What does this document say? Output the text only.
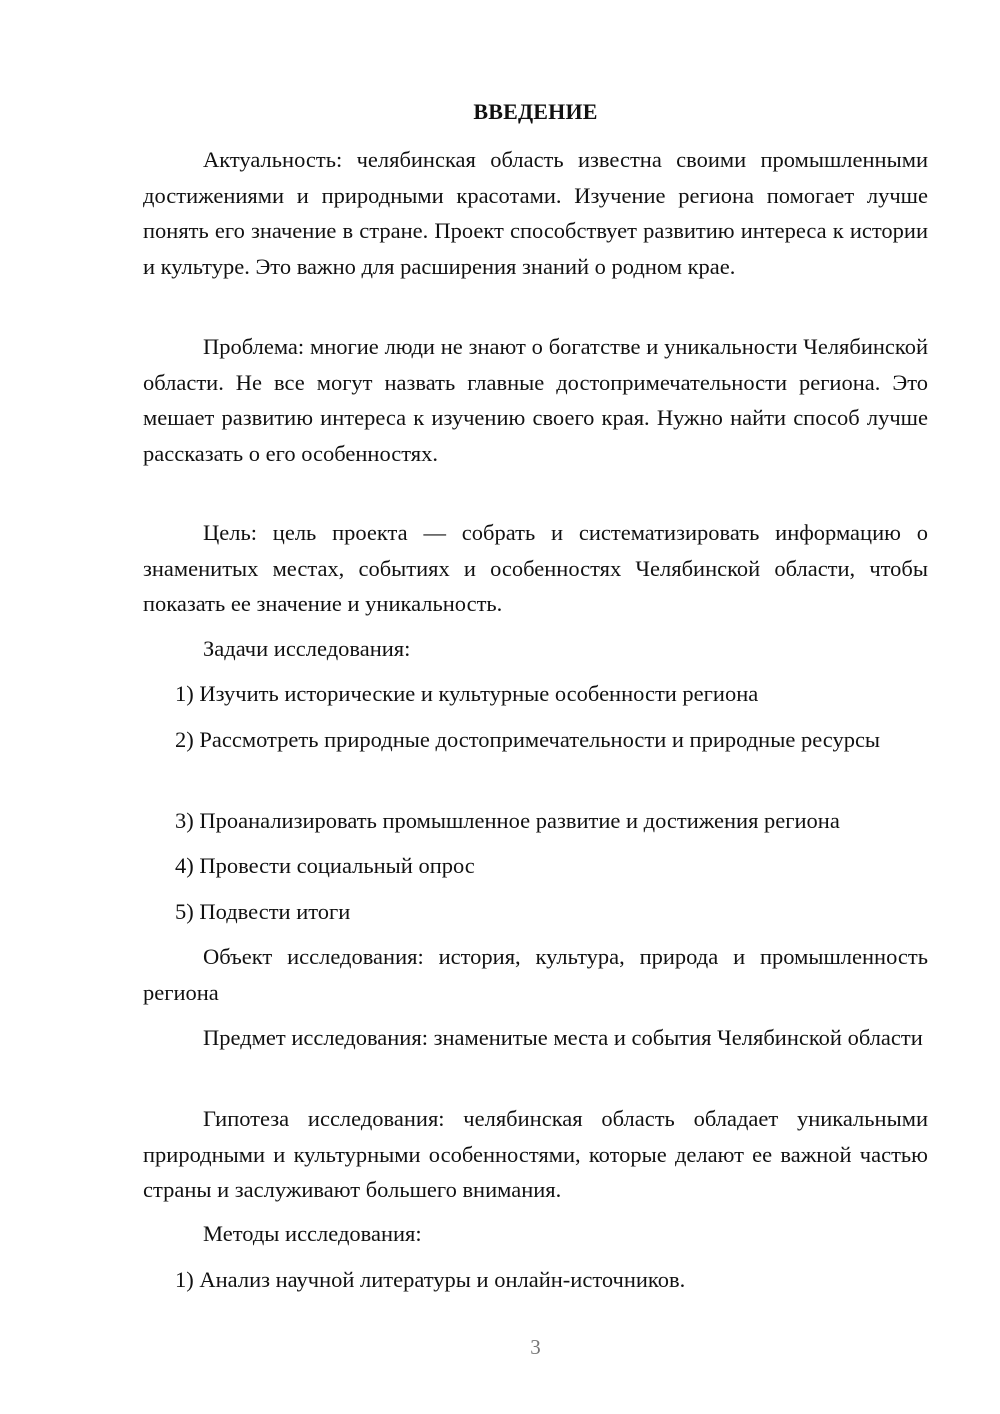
ВВЕДЕНИЕ

Актуальность: челябинская область известна своими промышленными достижениями и природными красотами. Изучение региона помогает лучше понять его значение в стране. Проект способствует развитию интереса к истории и культуре. Это важно для расширения знаний о родном крае.

Проблема: многие люди не знают о богатстве и уникальности Челябинской области. Не все могут назвать главные достопримечательности региона. Это мешает развитию интереса к изучению своего края. Нужно найти способ лучше рассказать о его особенностях.

Цель: цель проекта — собрать и систематизировать информацию о знаменитых местах, событиях и особенностях Челябинской области, чтобы показать ее значение и уникальность.

Задачи исследования:

1) Изучить исторические и культурные особенности региона

2) Рассмотреть природные достопримечательности и природные ресурсы

3) Проанализировать промышленное развитие и достижения региона

4) Провести социальный опрос

5) Подвести итоги

Объект исследования: история, культура, природа и промышленность региона

Предмет исследования: знаменитые места и события Челябинской области

Гипотеза исследования: челябинская область обладает уникальными природными и культурными особенностями, которые делают ее важной частью страны и заслуживают большего внимания.

Методы исследования:

1) Анализ научной литературы и онлайн-источников.

3
